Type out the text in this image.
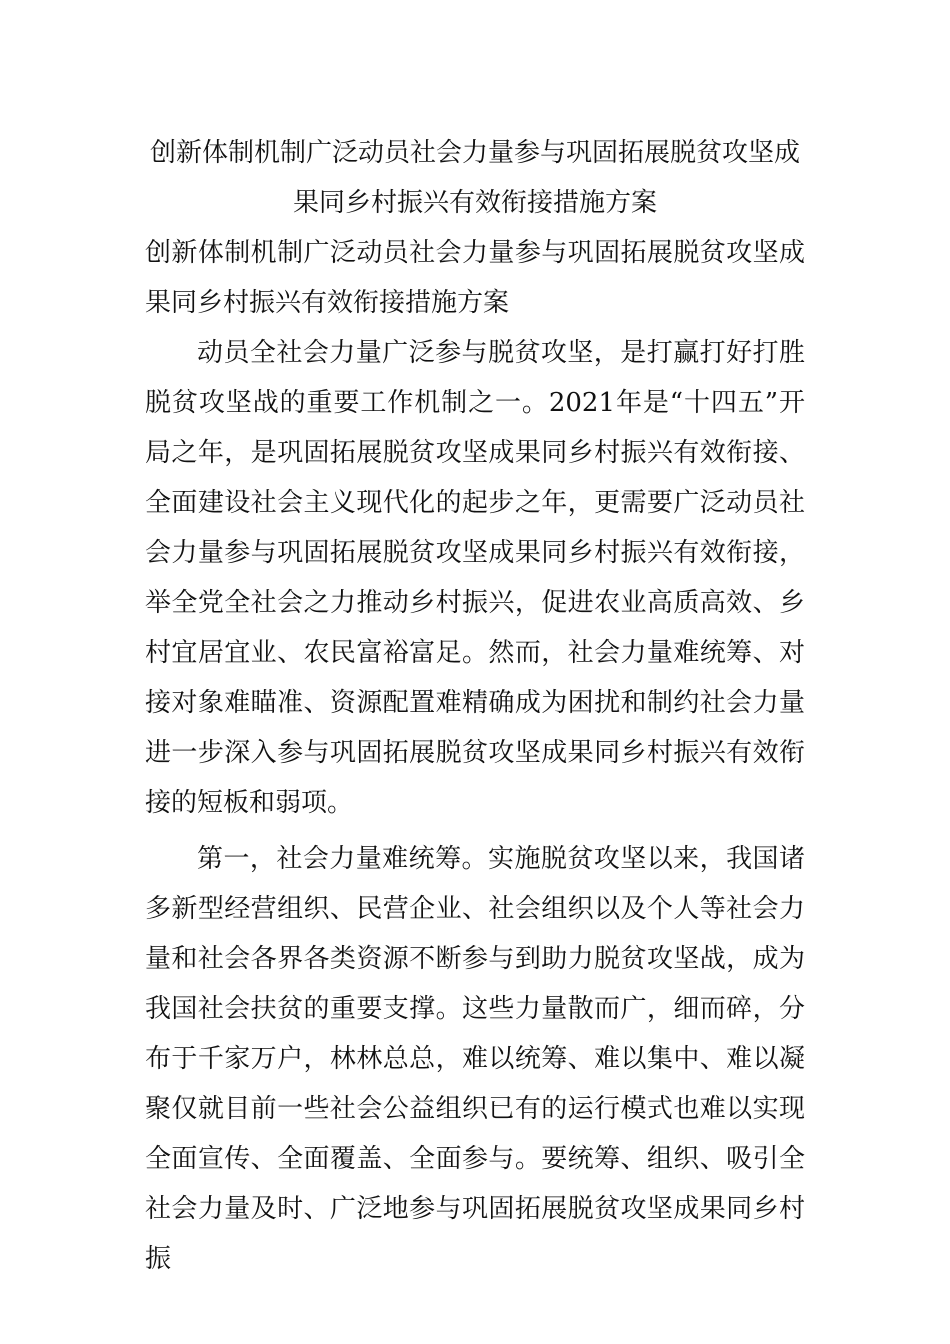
创新体制机制广泛动员社会力量参与巩固拓展脱贫攻坚成果同乡村振兴有效衔接措施方案

创新体制机制广泛动员社会力量参与巩固拓展脱贫攻坚成果同乡村振兴有效衔接措施方案

动员全社会力量广泛参与脱贫攻坚，是打赢打好打胜脱贫攻坚战的重要工作机制之一。2021年是“十四五”开局之年，是巩固拓展脱贫攻坚成果同乡村振兴有效衔接、全面建设社会主义现代化的起步之年，更需要广泛动员社会力量参与巩固拓展脱贫攻坚成果同乡村振兴有效衔接，举全党全社会之力推动乡村振兴，促进农业高质高效、乡村宜居宜业、农民富裕富足。然而，社会力量难统筹、对接对象难瞄准、资源配置难精确成为困扰和制约社会力量进一步深入参与巩固拓展脱贫攻坚成果同乡村振兴有效衔接的短板和弱项。

第一，社会力量难统筹。实施脱贫攻坚以来，我国诸多新型经营组织、民营企业、社会组织以及个人等社会力量和社会各界各类资源不断参与到助力脱贫攻坚战，成为我国社会扶贫的重要支撑。这些力量散而广，细而碎，分布于千家万户，林林总总，难以统筹、难以集中、难以凝聚仅就目前一些社会公益组织已有的运行模式也难以实现全面宣传、全面覆盖、全面参与。要统筹、组织、吸引全社会力量及时、广泛地参与巩固拓展脱贫攻坚成果同乡村振
